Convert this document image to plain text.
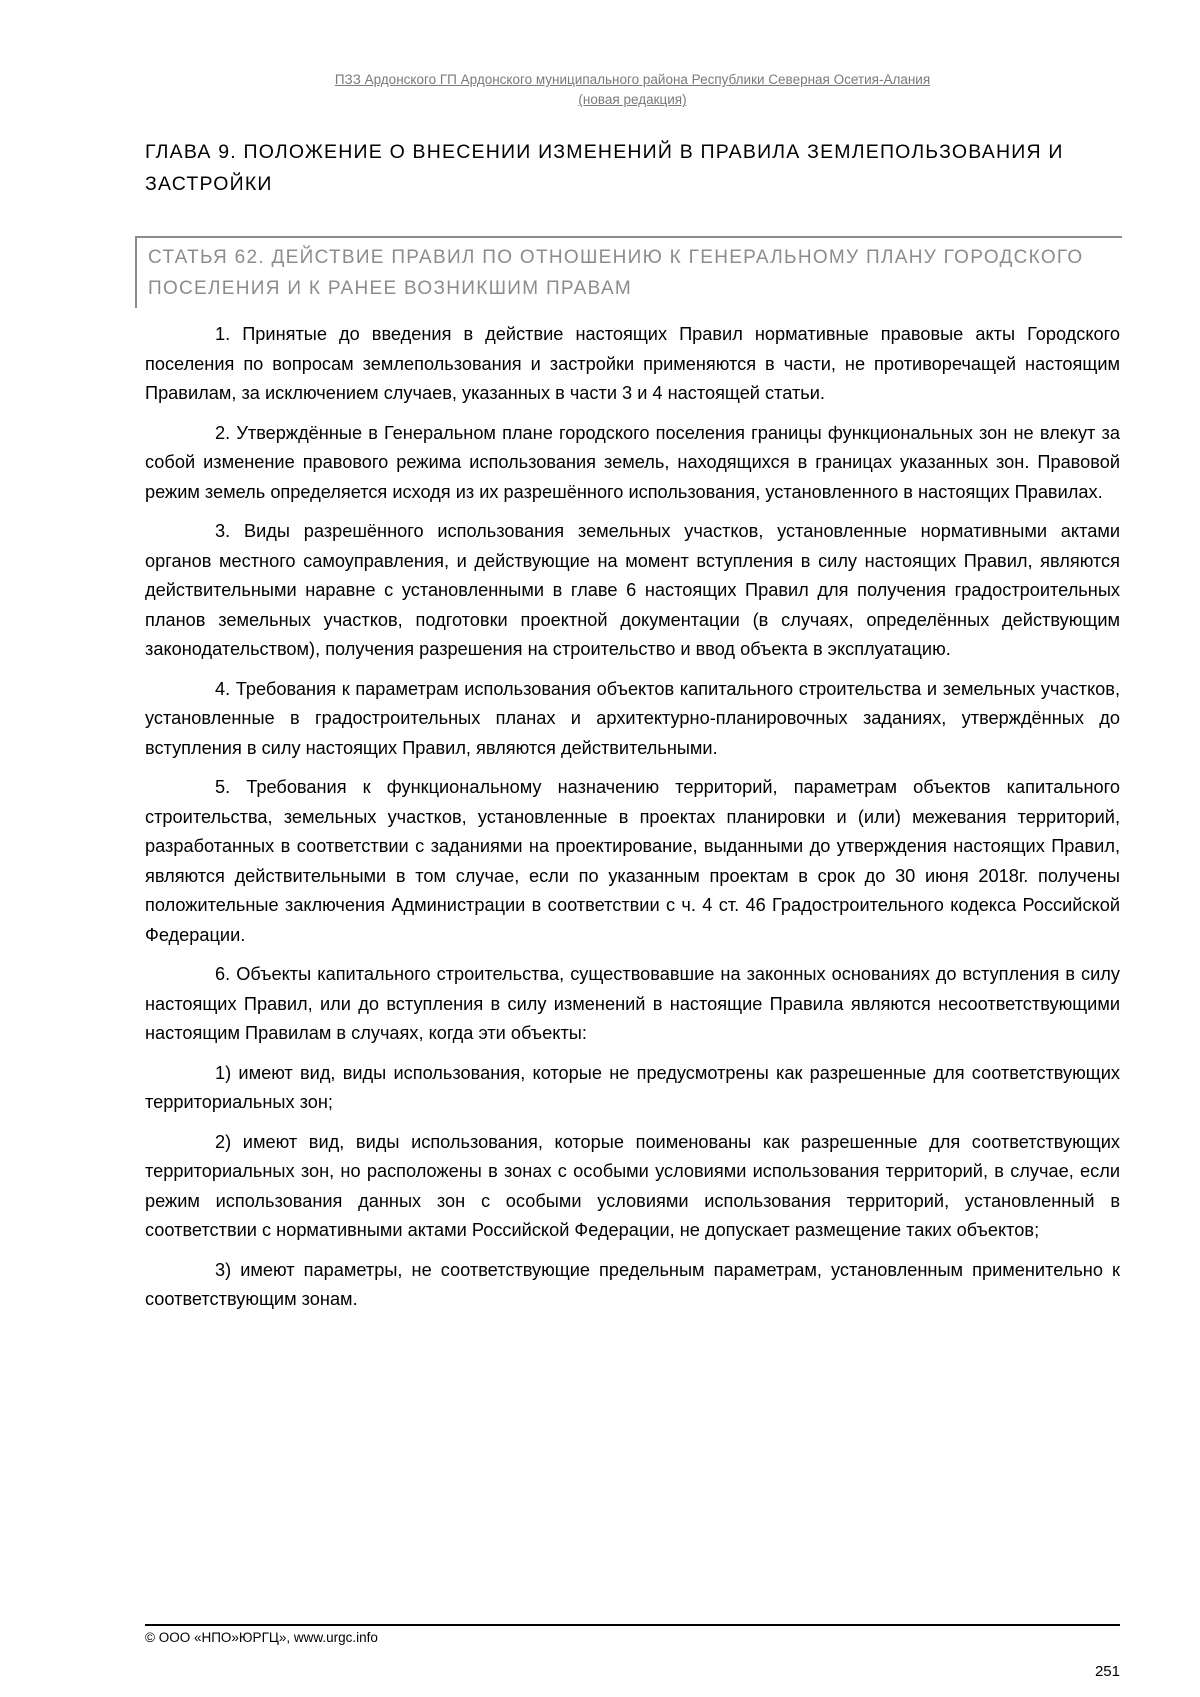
ПЗЗ Ардонского ГП Ардонского муниципального района Республики Северная Осетия-Алания
(новая редакция)
ГЛАВА 9. ПОЛОЖЕНИЕ О ВНЕСЕНИИ ИЗМЕНЕНИЙ В ПРАВИЛА ЗЕМЛЕПОЛЬЗОВАНИЯ И ЗАСТРОЙКИ
СТАТЬЯ 62. ДЕЙСТВИЕ ПРАВИЛ ПО ОТНОШЕНИЮ К ГЕНЕРАЛЬНОМУ ПЛАНУ ГОРОДСКОГО ПОСЕЛЕНИЯ И К РАНЕЕ ВОЗНИКШИМ ПРАВАМ

1. Принятые до введения в действие настоящих Правил нормативные правовые акты Городского поселения по вопросам землепользования и застройки применяются в части, не противоречащей настоящим Правилам, за исключением случаев, указанных в части 3 и 4 настоящей статьи.

2. Утверждённые в Генеральном плане городского поселения границы функциональных зон не влекут за собой изменение правового режима использования земель, находящихся в границах указанных зон. Правовой режим земель определяется исходя из их разрешённого использования, установленного в настоящих Правилах.

3. Виды разрешённого использования земельных участков, установленные нормативными актами органов местного самоуправления, и действующие на момент вступления в силу настоящих Правил, являются действительными наравне с установленными в главе 6 настоящих Правил для получения градостроительных планов земельных участков, подготовки проектной документации (в случаях, определённых действующим законодательством), получения разрешения на строительство и ввод объекта в эксплуатацию.

4. Требования к параметрам использования объектов капитального строительства и земельных участков, установленные в градостроительных планах и архитектурно-планировочных заданиях, утверждённых до вступления в силу настоящих Правил, являются действительными.

5. Требования к функциональному назначению территорий, параметрам объектов капитального строительства, земельных участков, установленные в проектах планировки и (или) межевания территорий, разработанных в соответствии с заданиями на проектирование, выданными до утверждения настоящих Правил, являются действительными в том случае, если по указанным проектам в срок до 30 июня 2018г. получены положительные заключения Администрации в соответствии с ч. 4 ст. 46 Градостроительного кодекса Российской Федерации.

6. Объекты капитального строительства, существовавшие на законных основаниях до вступления в силу настоящих Правил, или до вступления в силу изменений в настоящие Правила являются несоответствующими настоящим Правилам в случаях, когда эти объекты:

1) имеют вид, виды использования, которые не предусмотрены как разрешенные для соответствующих территориальных зон;

2) имеют вид, виды использования, которые поименованы как разрешенные для соответствующих территориальных зон, но расположены в зонах с особыми условиями использования территорий, в случае, если режим использования данных зон с особыми условиями использования территорий, установленный в соответствии с нормативными актами Российской Федерации, не допускает размещение таких объектов;

3) имеют параметры, не соответствующие предельным параметрам, установленным применительно к соответствующим зонам.

© ООО «НПО»ЮРГЦ», www.urgc.info
251
